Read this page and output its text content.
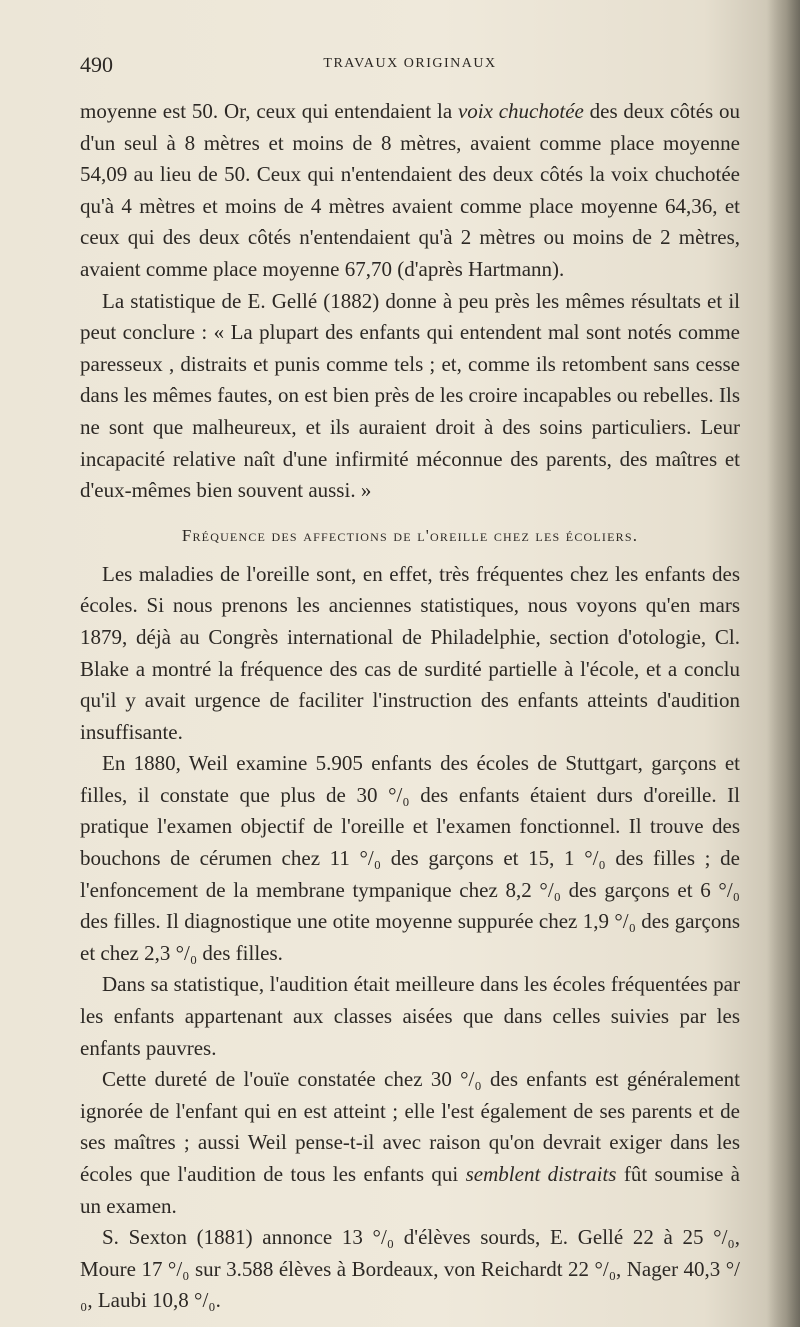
490	TRAVAUX ORIGINAUX

moyenne est 50. Or, ceux qui entendaient la voix chuchotée des deux côtés ou d'un seul à 8 mètres et moins de 8 mètres, avaient comme place moyenne 54,09 au lieu de 50. Ceux qui n'entendaient des deux côtés la voix chuchotée qu'à 4 mètres et moins de 4 mètres avaient comme place moyenne 64,36, et ceux qui des deux côtés n'entendaient qu'à 2 mètres ou moins de 2 mètres, avaient comme place moyenne 67,70 (d'après Hartmann).

La statistique de E. Gellé (1882) donne à peu près les mêmes résultats et il peut conclure : « La plupart des enfants qui entendent mal sont notés comme paresseux , distraits et punis comme tels ; et, comme ils retombent sans cesse dans les mêmes fautes, on est bien près de les croire incapables ou rebelles. Ils ne sont que malheureux, et ils auraient droit à des soins particuliers. Leur incapacité relative naît d'une infirmité méconnue des parents, des maîtres et d'eux-mêmes bien souvent aussi. »

Fréquence des affections de l'oreille chez les écoliers.

Les maladies de l'oreille sont, en effet, très fréquentes chez les enfants des écoles. Si nous prenons les anciennes statistiques, nous voyons qu'en mars 1879, déjà au Congrès international de Philadelphie, section d'otologie, Cl. Blake a montré la fréquence des cas de surdité partielle à l'école, et a conclu qu'il y avait urgence de faciliter l'instruction des enfants atteints d'audition insuffisante.

En 1880, Weil examine 5.905 enfants des écoles de Stuttgart, garçons et filles, il constate que plus de 30 °/₀ des enfants étaient durs d'oreille. Il pratique l'examen objectif de l'oreille et l'examen fonctionnel. Il trouve des bouchons de cérumen chez 11 °/₀ des garçons et 15, 1 °/₀ des filles ; de l'enfoncement de la membrane tympanique chez 8,2 °/₀ des garçons et 6 °/₀ des filles. Il diagnostique une otite moyenne suppurée chez 1,9 °/₀ des garçons et chez 2,3 °/₀ des filles.

Dans sa statistique, l'audition était meilleure dans les écoles fréquentées par les enfants appartenant aux classes aisées que dans celles suivies par les enfants pauvres.

Cette dureté de l'ouïe constatée chez 30 °/₀ des enfants est généralement ignorée de l'enfant qui en est atteint ; elle l'est également de ses parents et de ses maîtres ; aussi Weil pense-t-il avec raison qu'on devrait exiger dans les écoles que l'audition de tous les enfants qui semblent distraits fût soumise à un examen.

S. Sexton (1881) annonce 13 °/₀ d'élèves sourds, E. Gellé 22 à 25 °/₀, Moure 17 °/₀ sur 3.588 élèves à Bordeaux, von Reichardt 22 °/₀, Nager 40,3 °/₀, Laubi 10,8 °/₀.
